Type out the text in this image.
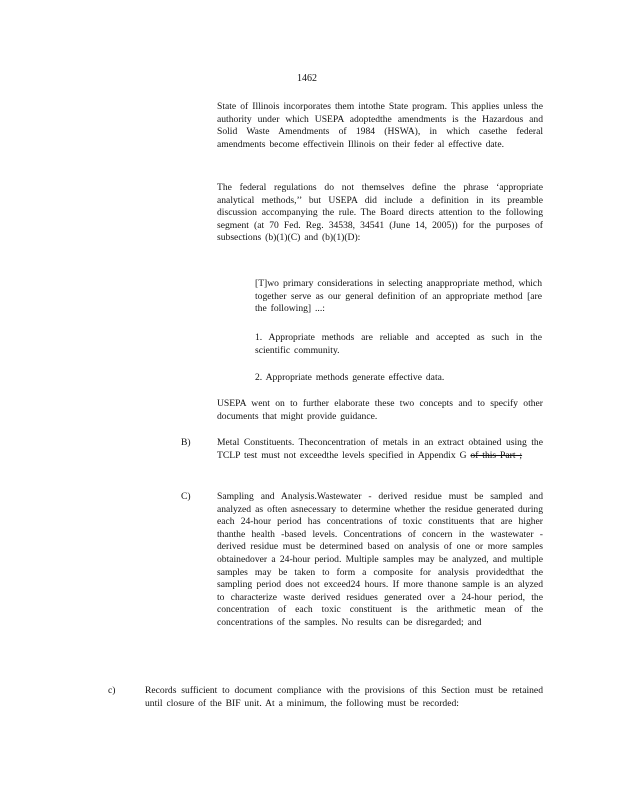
1462

State of Illinois incorporates them intothe State program. This applies unless the authority under which USEPA adoptedthe amendments is the Hazardous and Solid Waste Amendments of 1984 (HSWA), in which casethe federal amendments become effectivein Illinois on their feder al effective date.

The federal regulations do not themselves define the phrase ‘appropriate analytical methods,’’ but USEPA did include a definition in its preamble discussion accompanying the rule. The Board directs attention to the following segment (at 70 Fed. Reg. 34538, 34541 (June 14, 2005)) for the purposes of subsections (b)(1)(C) and (b)(1)(D):

[T]wo primary considerations in selecting anappropriate method, which together serve as our general definition of an appropriate method [are the following] ...:

1. Appropriate methods are reliable and accepted as such in the scientific community.

2. Appropriate methods generate effective data.

USEPA went on to further elaborate these two concepts and to specify other documents that might provide guidance.

B)	Metal Constituents. Theconcentration of metals in an extract obtained using the TCLP test must not exceedthe levels specified in Appendix G of this Part ;

C)	Sampling and Analysis.Wastewater - derived residue must be sampled and analyzed as often asnecessary to determine whether the residue generated during each 24-hour period has concentrations of toxic constituents that are higher thanthe health -based levels. Concentrations of concern in the wastewater -derived residue must be determined based on analysis of one or more samples obtainedover a 24-hour period. Multiple samples may be analyzed, and multiple samples may be taken to form a composite for analysis providedthat the sampling period does not exceed24 hours. If more thanone sample is an alyzed to characterize waste derived residues generated over a 24-hour period, the concentration of each toxic constituent is the arithmetic mean of the concentrations of the samples. No results can be disregarded; and

c)	Records sufficient to document compliance with the provisions of this Section must be retained until closure of the BIF unit. At a minimum, the following must be recorded:
